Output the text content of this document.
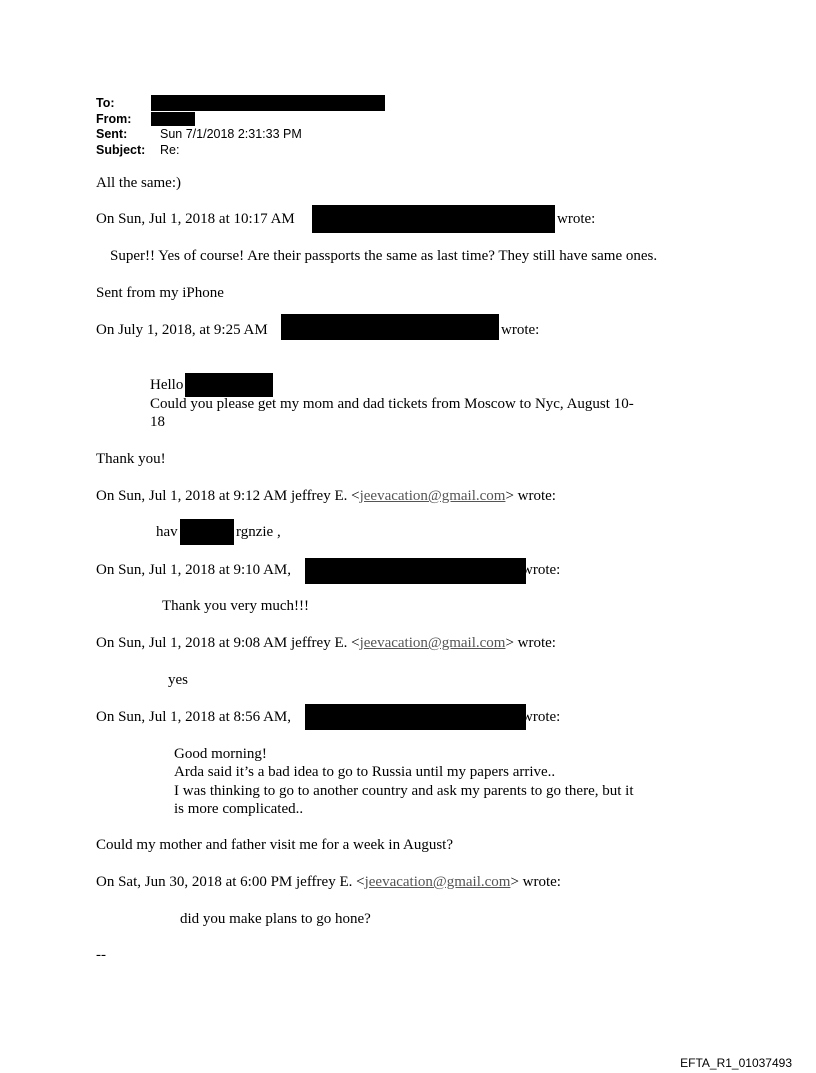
To:
From:
Sent:	Sun 7/1/2018 2:31:33 PM
Subject:	Re:
All the same:)
On Sun, Jul 1, 2018 at 10:17 AM	wrote:
Super!! Yes of course! Are their passports the same as last time? They still have same ones.
Sent from my iPhone
On July 1, 2018, at 9:25 AM	wrote:
Hello
Could you please get my mom and dad tickets from Moscow to Nyc, August 10-
18
Thank you!
On Sun, Jul 1, 2018 at 9:12 AM jeffrey E. <jeevacation@gmail.com> wrote:
hav	rgnzie ,
On Sun, Jul 1, 2018 at 9:10 AM,	wrote:
Thank you very much!!!
On Sun, Jul 1, 2018 at 9:08 AM jeffrey E. <jeevacation@gmail.com> wrote:
yes
On Sun, Jul 1, 2018 at 8:56 AM,	wrote:
Good morning!
Arda said it’s a bad idea to go to Russia until my papers arrive..
I was thinking to go to another country and ask my parents to go there, but it
is more complicated..
Could my mother and father visit me for a week in August?
On Sat, Jun 30, 2018 at 6:00 PM jeffrey E. <jeevacation@gmail.com> wrote:
did you make plans to go hone?
--
EFTA_R1_01037493
